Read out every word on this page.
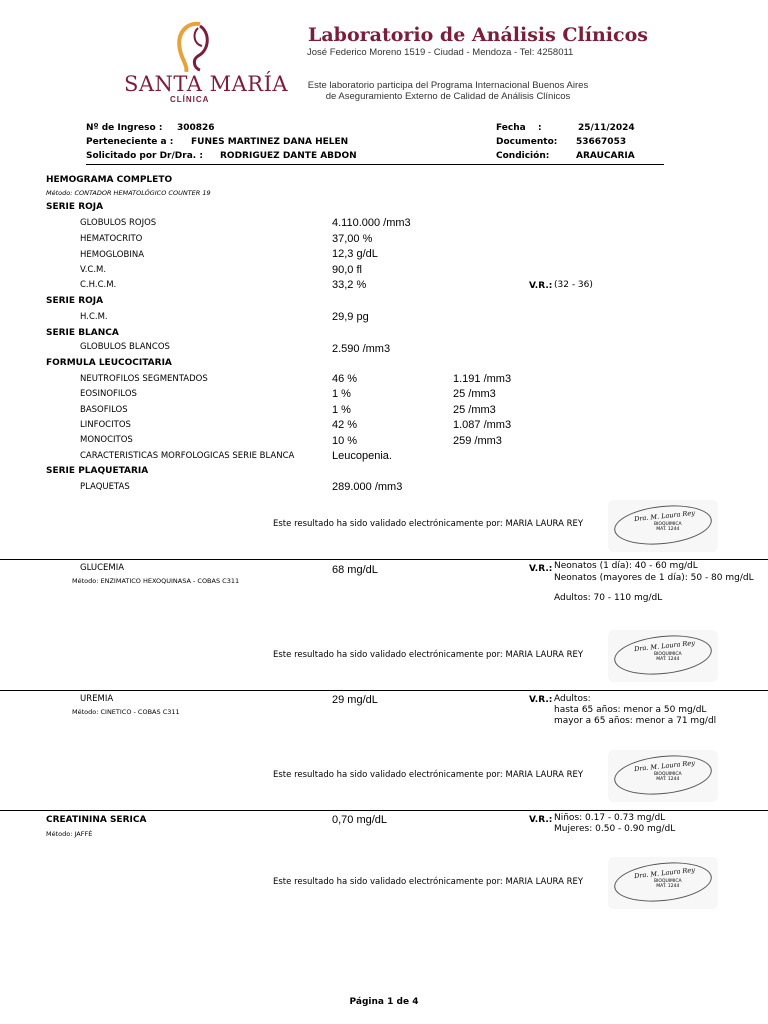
SANTA MARÍA
CLÍNICA
Laboratorio de Análisis Clínicos
José Federico Moreno 1519 - Ciudad - Mendoza - Tel: 4258011
Este laboratorio participa del Programa Internacional Buenos Aires
de Aseguramiento Externo de Calidad de Análisis Clínicos
Nº de Ingreso : 300826
Perteneciente a : FUNES MARTINEZ DANA HELEN
Solicitado por Dr/Dra. : RODRIGUEZ DANTE ABDON
Fecha :	25/11/2024
Documento: 53667053
Condición:	ARAUCARIA
HEMOGRAMA COMPLETO
Método: CONTADOR HEMATOLÓGICO COUNTER 19
SERIE ROJA
GLOBULOS ROJOS	4.110.000 /mm3
HEMATOCRITO	37,00 %
HEMOGLOBINA	12,3 g/dL
V.C.M.	90,0 fl
C.H.C.M.	33,2 %	V.R.: (32 - 36)
SERIE ROJA
H.C.M.	29,9 pg
SERIE BLANCA
GLOBULOS BLANCOS	2.590 /mm3
FORMULA LEUCOCITARIA
NEUTROFILOS SEGMENTADOS	46 %	1.191 /mm3
EOSINOFILOS	1 %	25 /mm3
BASOFILOS	1 %	25 /mm3
LINFOCITOS	42 %	1.087 /mm3
MONOCITOS	10 %	259 /mm3
CARACTERISTICAS MORFOLOGICAS SERIE BLANCA	Leucopenia.
SERIE PLAQUETARIA
PLAQUETAS	289.000 /mm3
Este resultado ha sido validado electrónicamente por: MARIA LAURA REY
Dra. M. Laura Rey
BIOQUIMICA
MAT. 1244
GLUCEMIA
Método: ENZIMATICO HEXOQUINASA - COBAS C311
68 mg/dL	V.R.: Neonatos (1 día): 40 - 60 mg/dL
Neonatos (mayores de 1 día): 50 - 80 mg/dL
Adultos: 70 - 110 mg/dL
Este resultado ha sido validado electrónicamente por: MARIA LAURA REY
Dra. M. Laura Rey
BIOQUIMICA
MAT. 1244
UREMIA
Método: CINETICO - COBAS C311
29 mg/dL	V.R.: Adultos:
hasta 65 años: menor a 50 mg/dL
mayor a 65 años: menor a 71 mg/dl
Este resultado ha sido validado electrónicamente por: MARIA LAURA REY
Dra. M. Laura Rey
BIOQUIMICA
MAT. 1244
CREATININA SERICA
Método: JAFFÉ
0,70 mg/dL	V.R.: Niños: 0.17 - 0.73 mg/dL
Mujeres: 0.50 - 0.90 mg/dL
Este resultado ha sido validado electrónicamente por: MARIA LAURA REY
Dra. M. Laura Rey
BIOQUIMICA
MAT. 1244
Página 1 de 4
